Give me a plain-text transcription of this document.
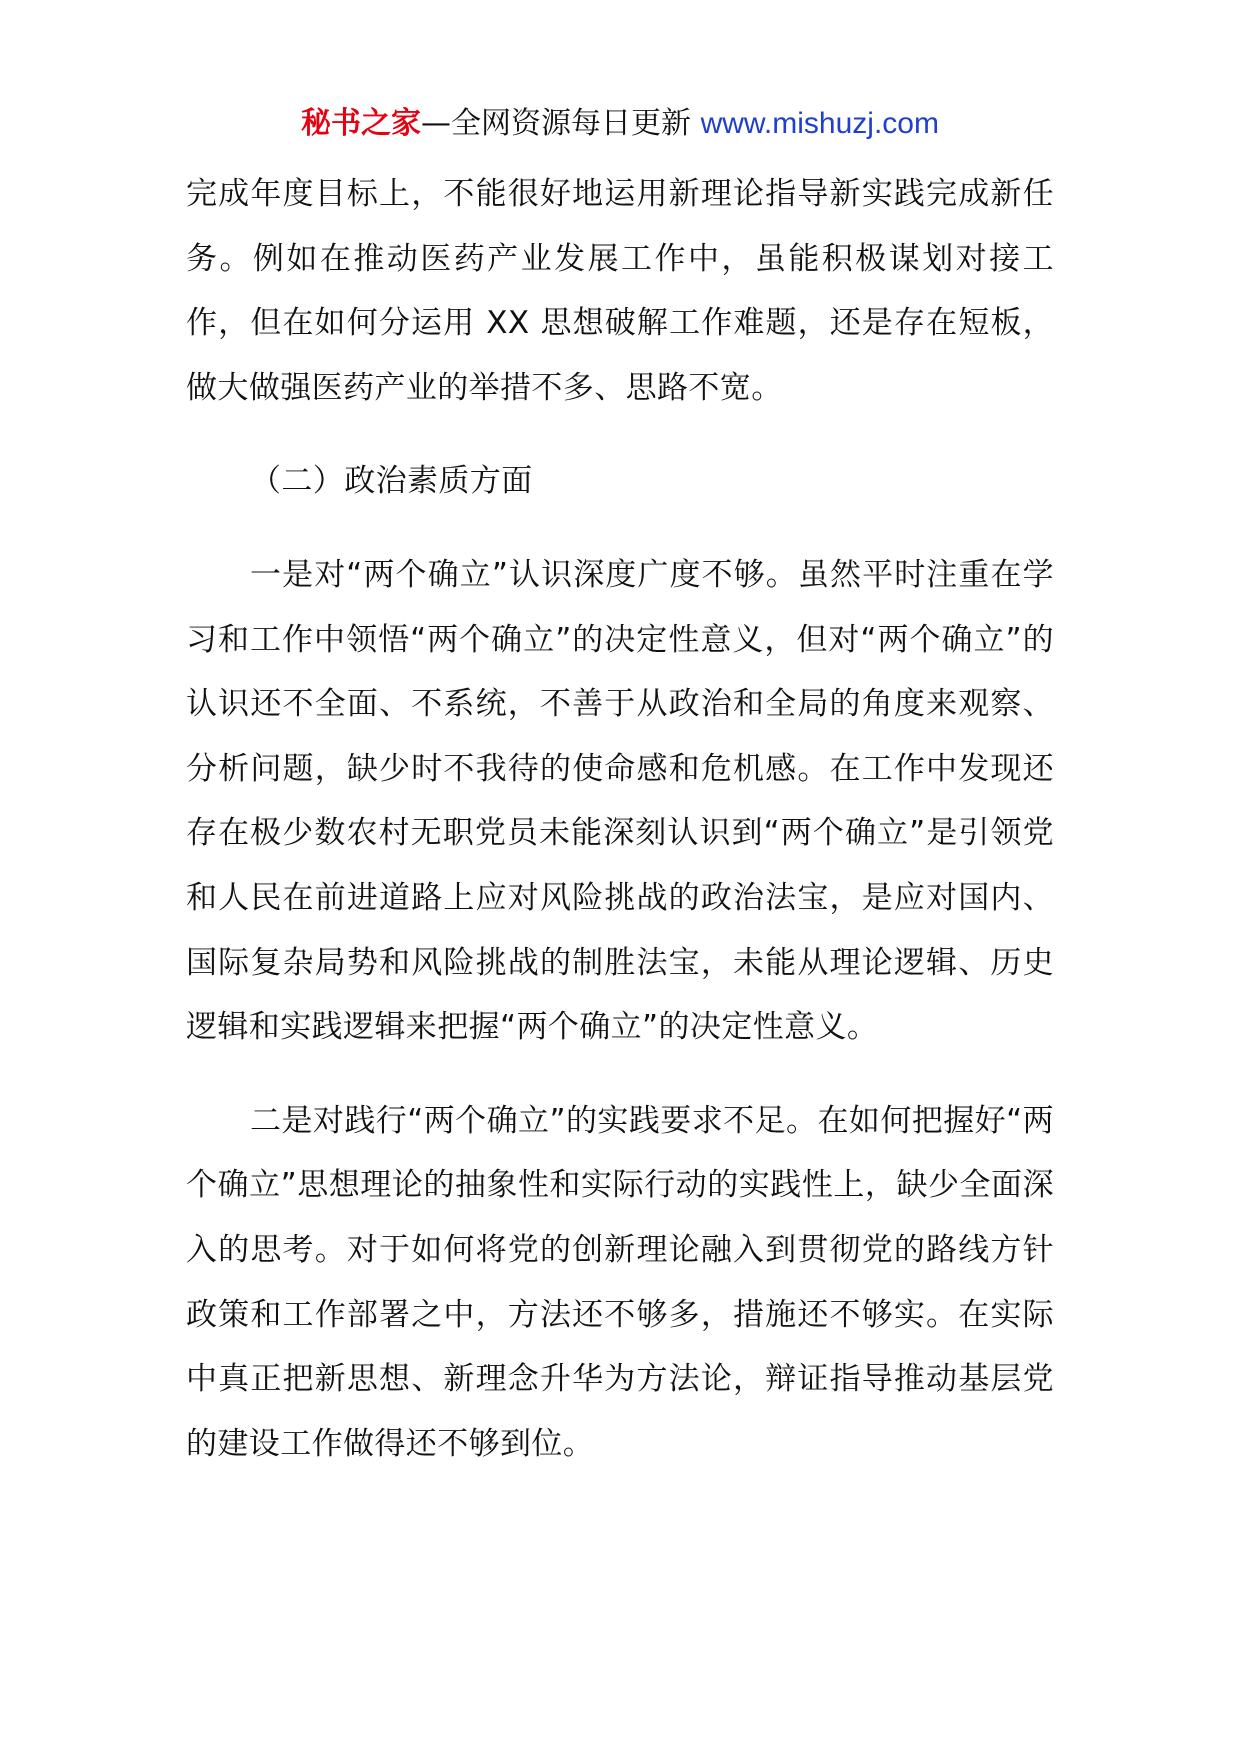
秘书之家—全网资源每日更新 www.mishuzj.com

完成年度目标上，不能很好地运用新理论指导新实践完成新任务。例如在推动医药产业发展工作中，虽能积极谋划对接工作，但在如何分运用 XX 思想破解工作难题，还是存在短板，做大做强医药产业的举措不多、思路不宽。

（二）政治素质方面

一是对“两个确立”认识深度广度不够。虽然平时注重在学习和工作中领悟“两个确立”的决定性意义，但对“两个确立”的认识还不全面、不系统，不善于从政治和全局的角度来观察、分析问题，缺少时不我待的使命感和危机感。在工作中发现还存在极少数农村无职党员未能深刻认识到“两个确立”是引领党和人民在前进道路上应对风险挑战的政治法宝，是应对国内、国际复杂局势和风险挑战的制胜法宝，未能从理论逻辑、历史逻辑和实践逻辑来把握“两个确立”的决定性意义。

二是对践行“两个确立”的实践要求不足。在如何把握好“两个确立”思想理论的抽象性和实际行动的实践性上，缺少全面深入的思考。对于如何将党的创新理论融入到贯彻党的路线方针政策和工作部署之中，方法还不够多，措施还不够实。在实际中真正把新思想、新理念升华为方法论，辩证指导推动基层党的建设工作做得还不够到位。
